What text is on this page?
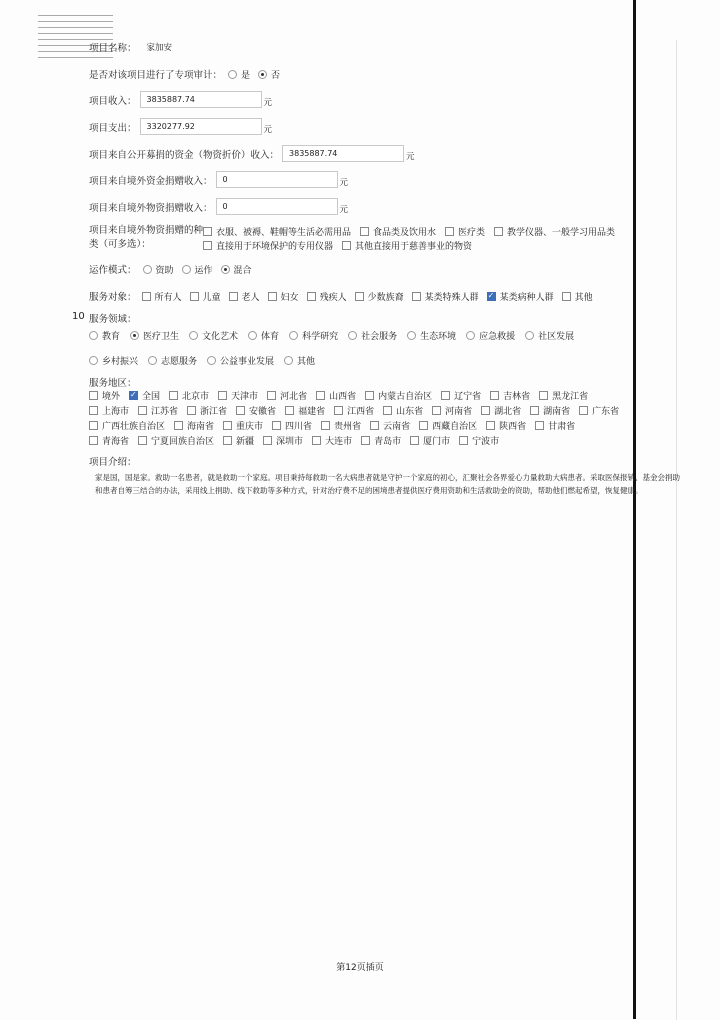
项目名称： 家加安
是否对该项目进行了专项审计： 是 否
项目收入：	3835887.74	元
项目支出：	3320277.92	元
项目来自公开募捐的资金（物资折价）收入：	3835887.74	元
项目来自境外资金捐赠收入：	0	元
项目来自境外物资捐赠收入：	0	元
项目来自境外物资捐赠的种
类（可多选）：
衣服、被褥、鞋帽等生活必需用品 食品类及饮用水 医疗类 教学仪器、一般学习用品类
直接用于环境保护的专用仪器 其他直接用于慈善事业的物资
运作模式： 资助 运作 混合
服务对象： 所有人 儿童 老人 妇女 残疾人 少数族裔 某类特殊人群 ✓ 某类病种人群 其他
10 服务领域：
教育	医疗卫生	文化艺术	体育	科学研究	社会服务	生态环境	应急救援	社区发展
乡村振兴	志愿服务	公益事业发展	其他
服务地区：
境外 ✓ 全国 北京市 天津市 河北省 山西省 内蒙古自治区 辽宁省 吉林省 黑龙江省
上海市 江苏省 浙江省 安徽省 福建省 江西省 山东省 河南省 湖北省 湖南省 广东省
广西壮族自治区 海南省 重庆市 四川省 贵州省 云南省 西藏自治区 陕西省 甘肃省
青海省 宁夏回族自治区 新疆 深圳市 大连市 青岛市 厦门市 宁波市
项目介绍：
家是国，国是家。救助一名患者，就是救助一个家庭。项目秉持每救助一名大病患者就是守护一个家庭的初心，汇聚社会各界爱心力量救助大病患者。采取医保报销、基金会捐助和患者自筹三结合的办法，采用线上捐助、线下救助等多种方式，针对治疗费不足的困境患者提供医疗费用资助和生活救助金的资助，帮助他们燃起希望，恢复健康。
第12页插页
